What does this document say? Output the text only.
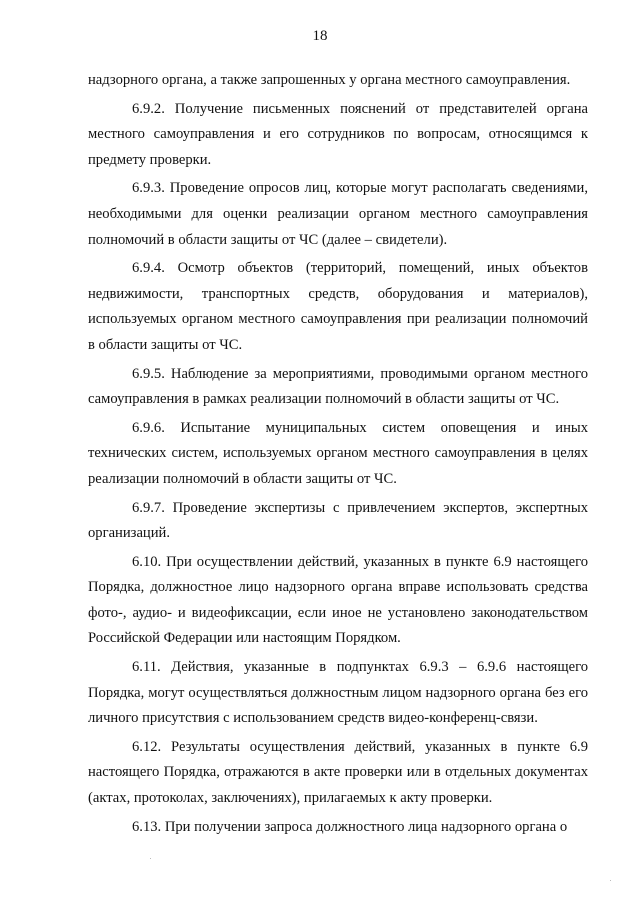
18

надзорного органа, а также запрошенных у органа местного самоуправления.

6.9.2. Получение письменных пояснений от представителей органа местного самоуправления и его сотрудников по вопросам, относящимся к предмету проверки.

6.9.3. Проведение опросов лиц, которые могут располагать сведениями, необходимыми для оценки реализации органом местного самоуправления полномочий в области защиты от ЧС (далее – свидетели).

6.9.4. Осмотр объектов (территорий, помещений, иных объектов недвижимости, транспортных средств, оборудования и материалов), используемых органом местного самоуправления при реализации полномочий в области защиты от ЧС.

6.9.5. Наблюдение за мероприятиями, проводимыми органом местного самоуправления в рамках реализации полномочий в области защиты от ЧС.

6.9.6. Испытание муниципальных систем оповещения и иных технических систем, используемых органом местного самоуправления в целях реализации полномочий в области защиты от ЧС.

6.9.7. Проведение экспертизы с привлечением экспертов, экспертных организаций.

6.10. При осуществлении действий, указанных в пункте 6.9 настоящего Порядка, должностное лицо надзорного органа вправе использовать средства фото-, аудио- и видеофиксации, если иное не установлено законодательством Российской Федерации или настоящим Порядком.

6.11. Действия, указанные в подпунктах 6.9.3 – 6.9.6 настоящего Порядка, могут осуществляться должностным лицом надзорного органа без его личного присутствия с использованием средств видео-конференц-связи.

6.12. Результаты осуществления действий, указанных в пункте 6.9 настоящего Порядка, отражаются в акте проверки или в отдельных документах (актах, протоколах, заключениях), прилагаемых к акту проверки.

6.13. При получении запроса должностного лица надзорного органа о
